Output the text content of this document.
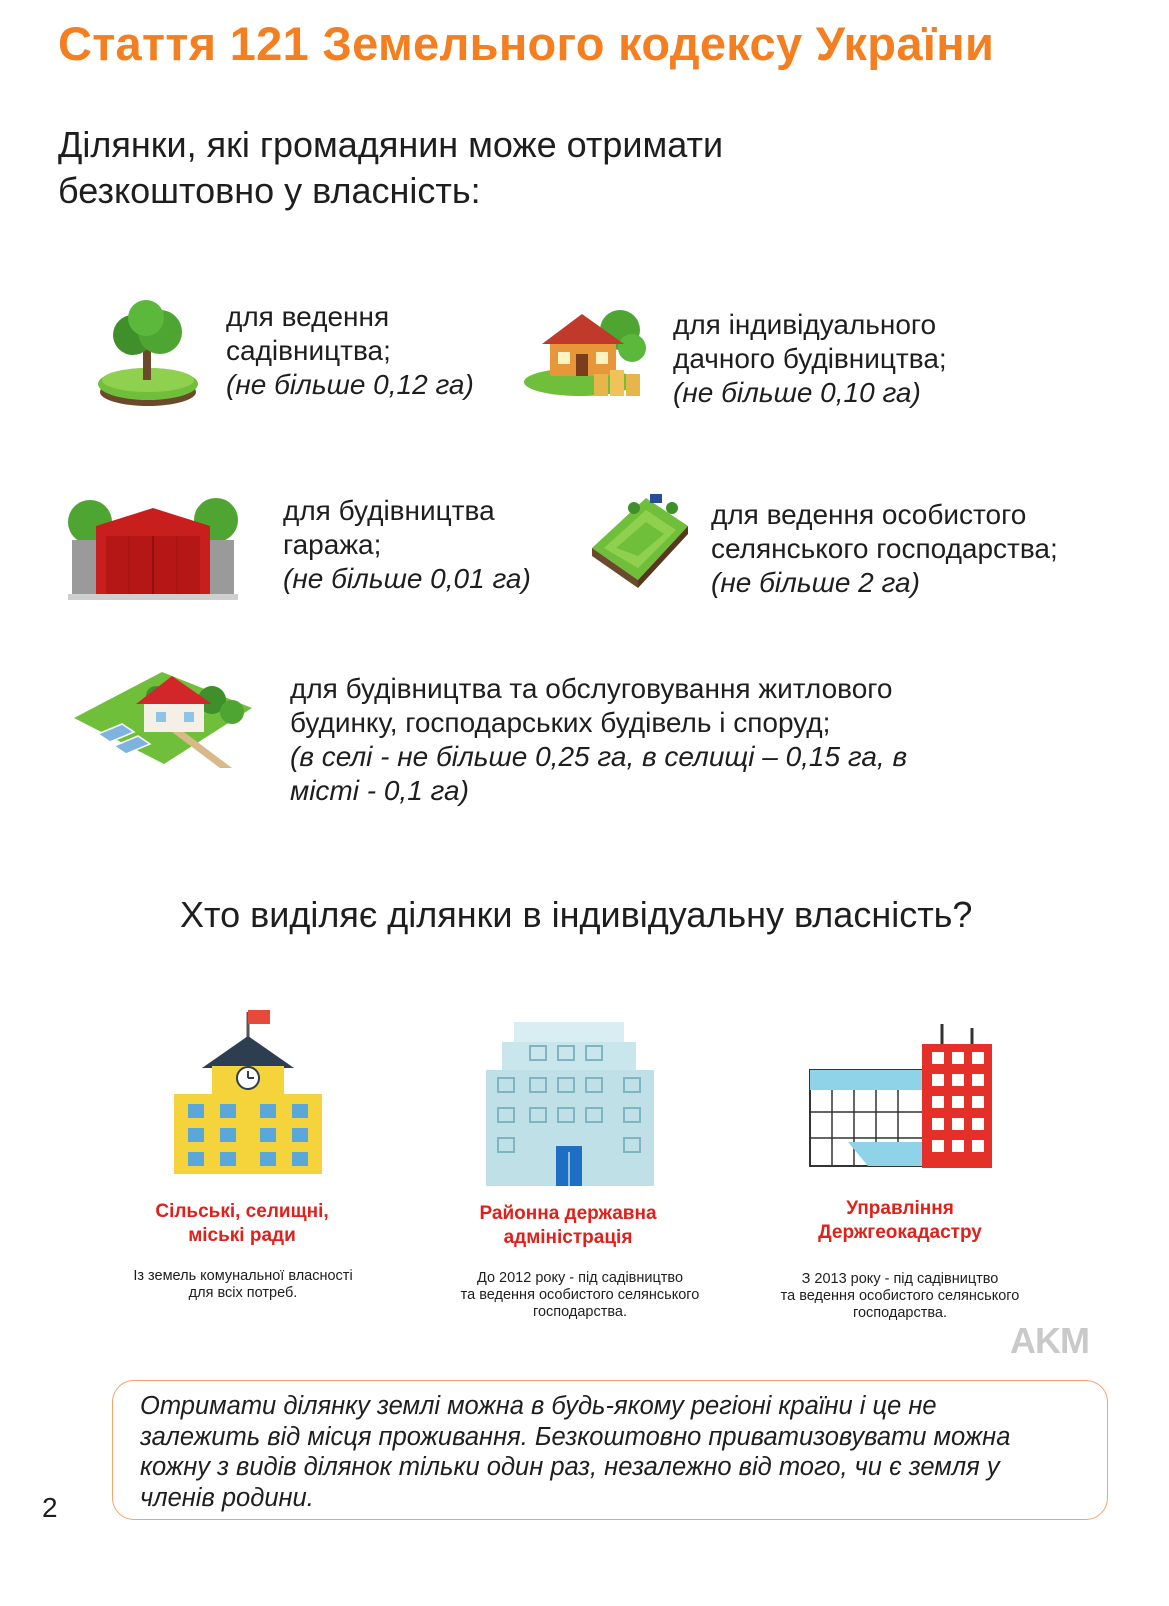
Стаття 121 Земельного кодексу України
Ділянки, які громадянин може отримати
безкоштовно у власність:
для ведення
садівництва;
(не більше 0,12 га)
для індивідуального
дачного будівництва;
(не більше 0,10 га)
для будівництва
гаража;
(не більше 0,01 га)
для ведення особистого
селянського господарства;
(не більше 2 га)
для будівництва та обслуговування житлового
будинку, господарських будівель і споруд;
(в селі - не більше 0,25 га, в селищі – 0,15 га, в
місті - 0,1 га)
Хто виділяє ділянки в індивідуальну власність?
Сільські, селищні,
міські ради
Із земель комунальної власності
для всіх потреб.
Районна державна
адміністрація
До 2012 року - під садівництво
та ведення особистого селянського
господарства.
Управління
Держгеокадастру
З 2013 року - під садівництво
та ведення особистого селянського
господарства.
AKM
Отримати ділянку землі можна в будь-якому регіоні країни і це не
залежить від місця проживання. Безкоштовно приватизовувати можна
кожну з видів ділянок тільки один раз, незалежно від того, чи є земля у
членів родини.
2
